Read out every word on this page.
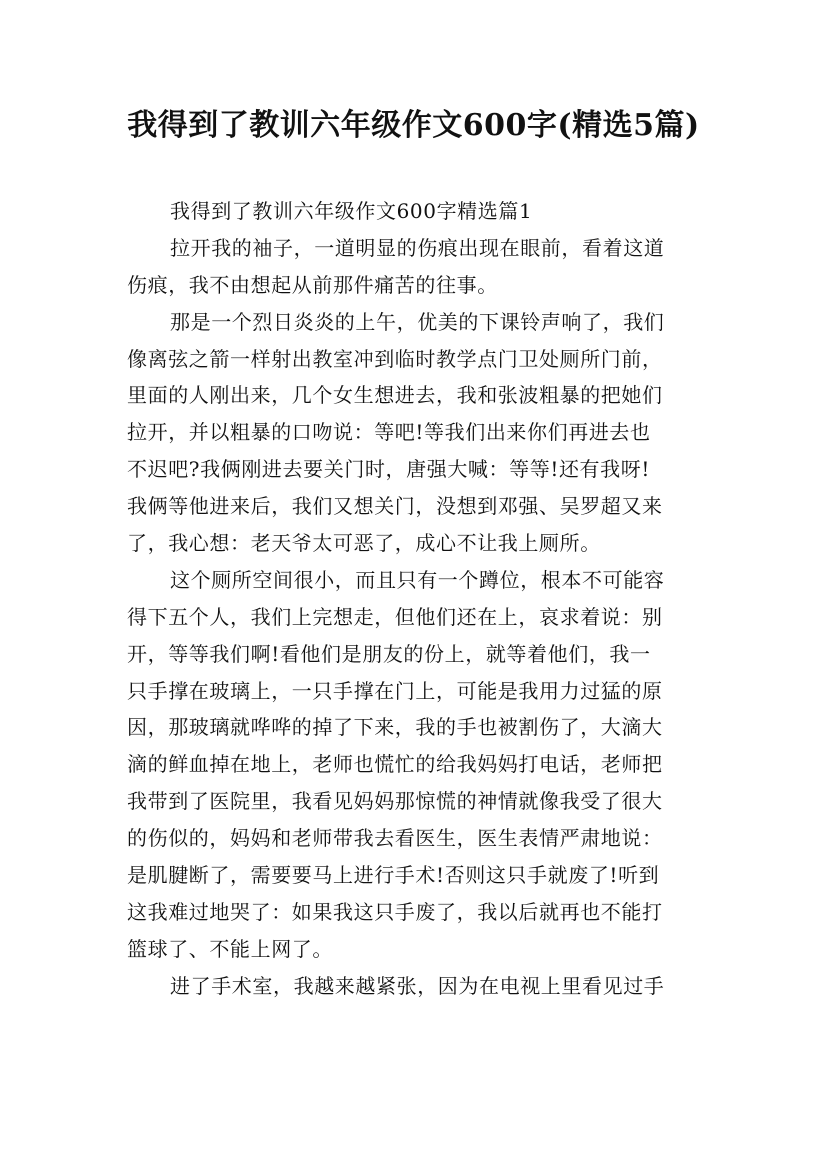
我得到了教训六年级作文600字(精选5篇)
我得到了教训六年级作文600字精选篇1
拉开我的袖子，一道明显的伤痕出现在眼前，看着这道
伤痕，我不由想起从前那件痛苦的往事。
那是一个烈日炎炎的上午，优美的下课铃声响了，我们
像离弦之箭一样射出教室冲到临时教学点门卫处厕所门前，
里面的人刚出来，几个女生想进去，我和张波粗暴的把她们
拉开，并以粗暴的口吻说：等吧!等我们出来你们再进去也
不迟吧?我俩刚进去要关门时，唐强大喊：等等!还有我呀!
我俩等他进来后，我们又想关门，没想到邓强、吴罗超又来
了，我心想：老天爷太可恶了，成心不让我上厕所。
这个厕所空间很小，而且只有一个蹲位，根本不可能容
得下五个人，我们上完想走，但他们还在上，哀求着说：别
开，等等我们啊!看他们是朋友的份上，就等着他们，我一
只手撑在玻璃上，一只手撑在门上，可能是我用力过猛的原
因，那玻璃就哗哗的掉了下来，我的手也被割伤了，大滴大
滴的鲜血掉在地上，老师也慌忙的给我妈妈打电话，老师把
我带到了医院里，我看见妈妈那惊慌的神情就像我受了很大
的伤似的，妈妈和老师带我去看医生，医生表情严肃地说：
是肌腱断了，需要要马上进行手术!否则这只手就废了!听到
这我难过地哭了：如果我这只手废了，我以后就再也不能打
篮球了、不能上网了。
进了手术室，我越来越紧张，因为在电视上里看见过手
